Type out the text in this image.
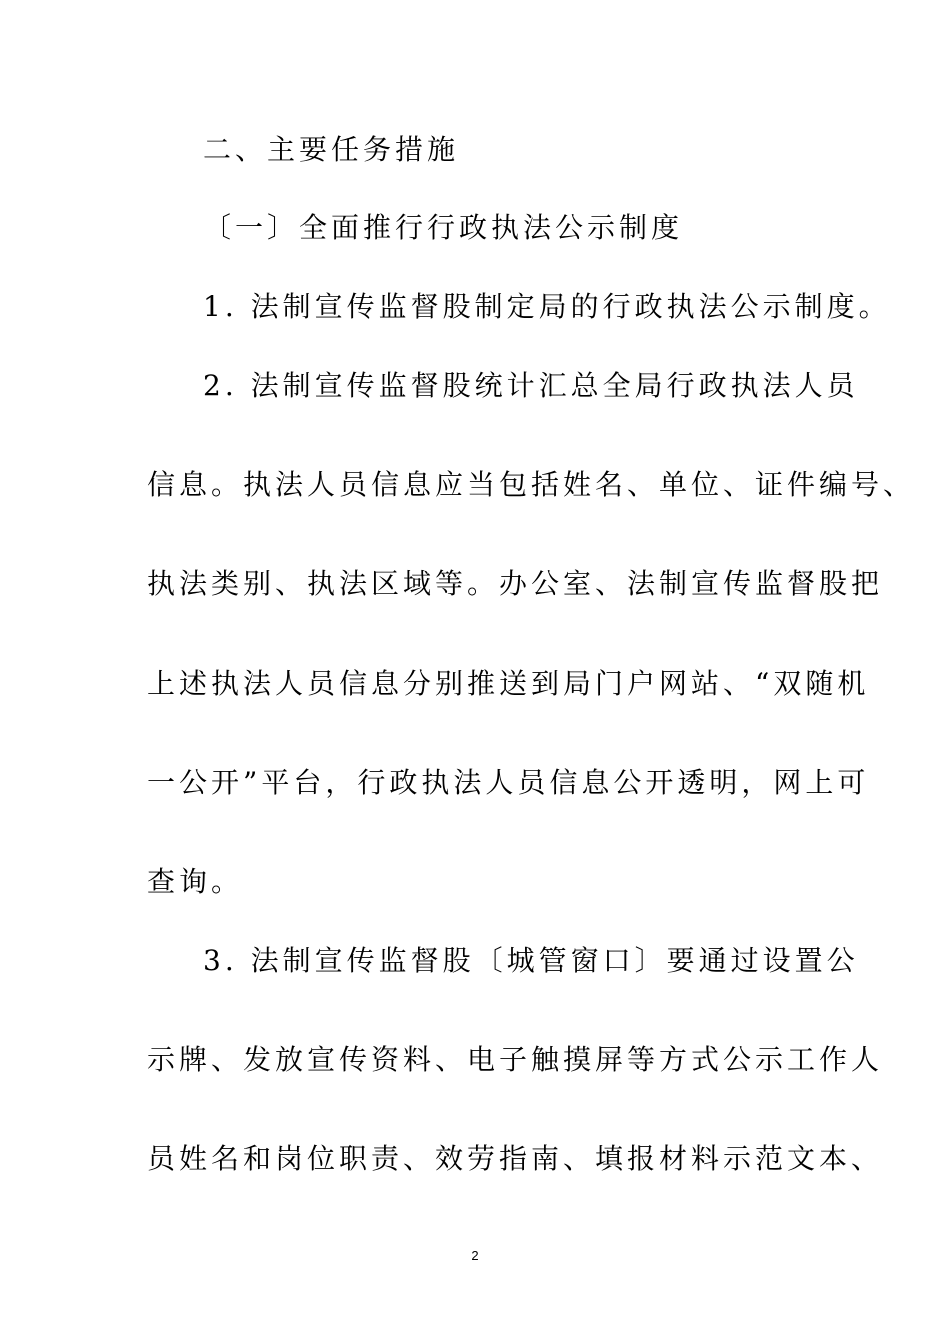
二、主要任务措施
〔一〕全面推行行政执法公示制度
1. 法制宣传监督股制定局的行政执法公示制度。
2. 法制宣传监督股统计汇总全局行政执法人员
信息。执法人员信息应当包括姓名、单位、证件编号、
执法类别、执法区域等。办公室、法制宣传监督股把
上述执法人员信息分别推送到局门户网站、“双随机
一公开”平台，行政执法人员信息公开透明，网上可
查询。
3. 法制宣传监督股〔城管窗口〕要通过设置公
示牌、发放宣传资料、电子触摸屏等方式公示工作人
员姓名和岗位职责、效劳指南、填报材料示范文本、
2
